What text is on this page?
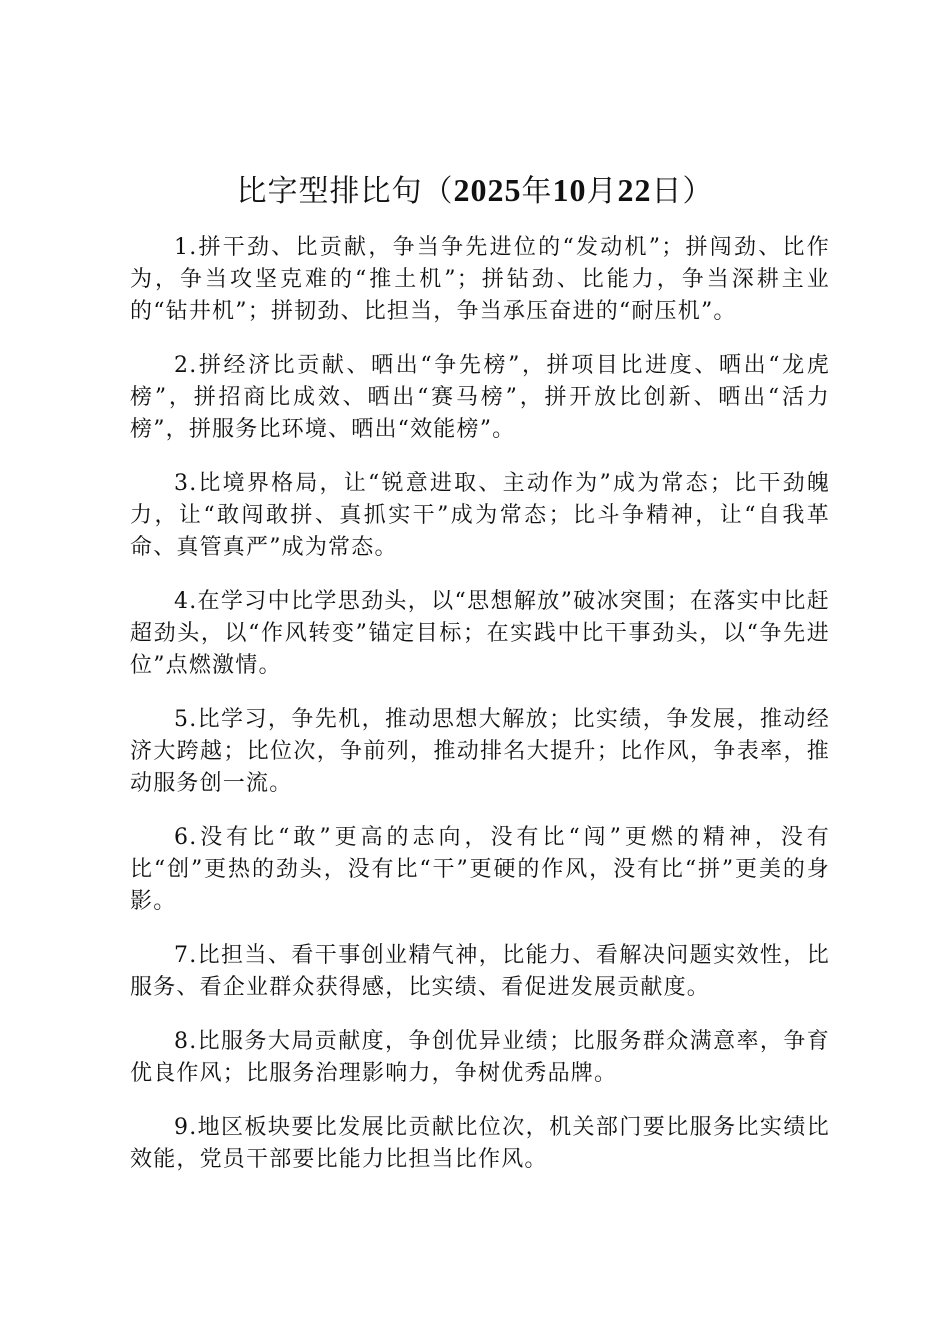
比字型排比句（2025年10月22日）

1.拼干劲、比贡献，争当争先进位的“发动机”；拼闯劲、比作为，争当攻坚克难的“推土机”；拼钻劲、比能力，争当深耕主业的“钻井机”；拼韧劲、比担当，争当承压奋进的“耐压机”。

2.拼经济比贡献、晒出“争先榜”，拼项目比进度、晒出“龙虎榜”，拼招商比成效、晒出“赛马榜”，拼开放比创新、晒出“活力榜”，拼服务比环境、晒出“效能榜”。

3.比境界格局，让“锐意进取、主动作为”成为常态；比干劲魄力，让“敢闯敢拼、真抓实干”成为常态；比斗争精神，让“自我革命、真管真严”成为常态。

4.在学习中比学思劲头，以“思想解放”破冰突围；在落实中比赶超劲头，以“作风转变”锚定目标；在实践中比干事劲头，以“争先进位”点燃激情。

5.比学习，争先机，推动思想大解放；比实绩，争发展，推动经济大跨越；比位次，争前列，推动排名大提升；比作风，争表率，推动服务创一流。

6.没有比“敢”更高的志向，没有比“闯”更燃的精神，没有比“创”更热的劲头，没有比“干”更硬的作风，没有比“拼”更美的身影。

7.比担当、看干事创业精气神，比能力、看解决问题实效性，比服务、看企业群众获得感，比实绩、看促进发展贡献度。

8.比服务大局贡献度，争创优异业绩；比服务群众满意率，争育优良作风；比服务治理影响力，争树优秀品牌。

9.地区板块要比发展比贡献比位次，机关部门要比服务比实绩比效能，党员干部要比能力比担当比作风。
